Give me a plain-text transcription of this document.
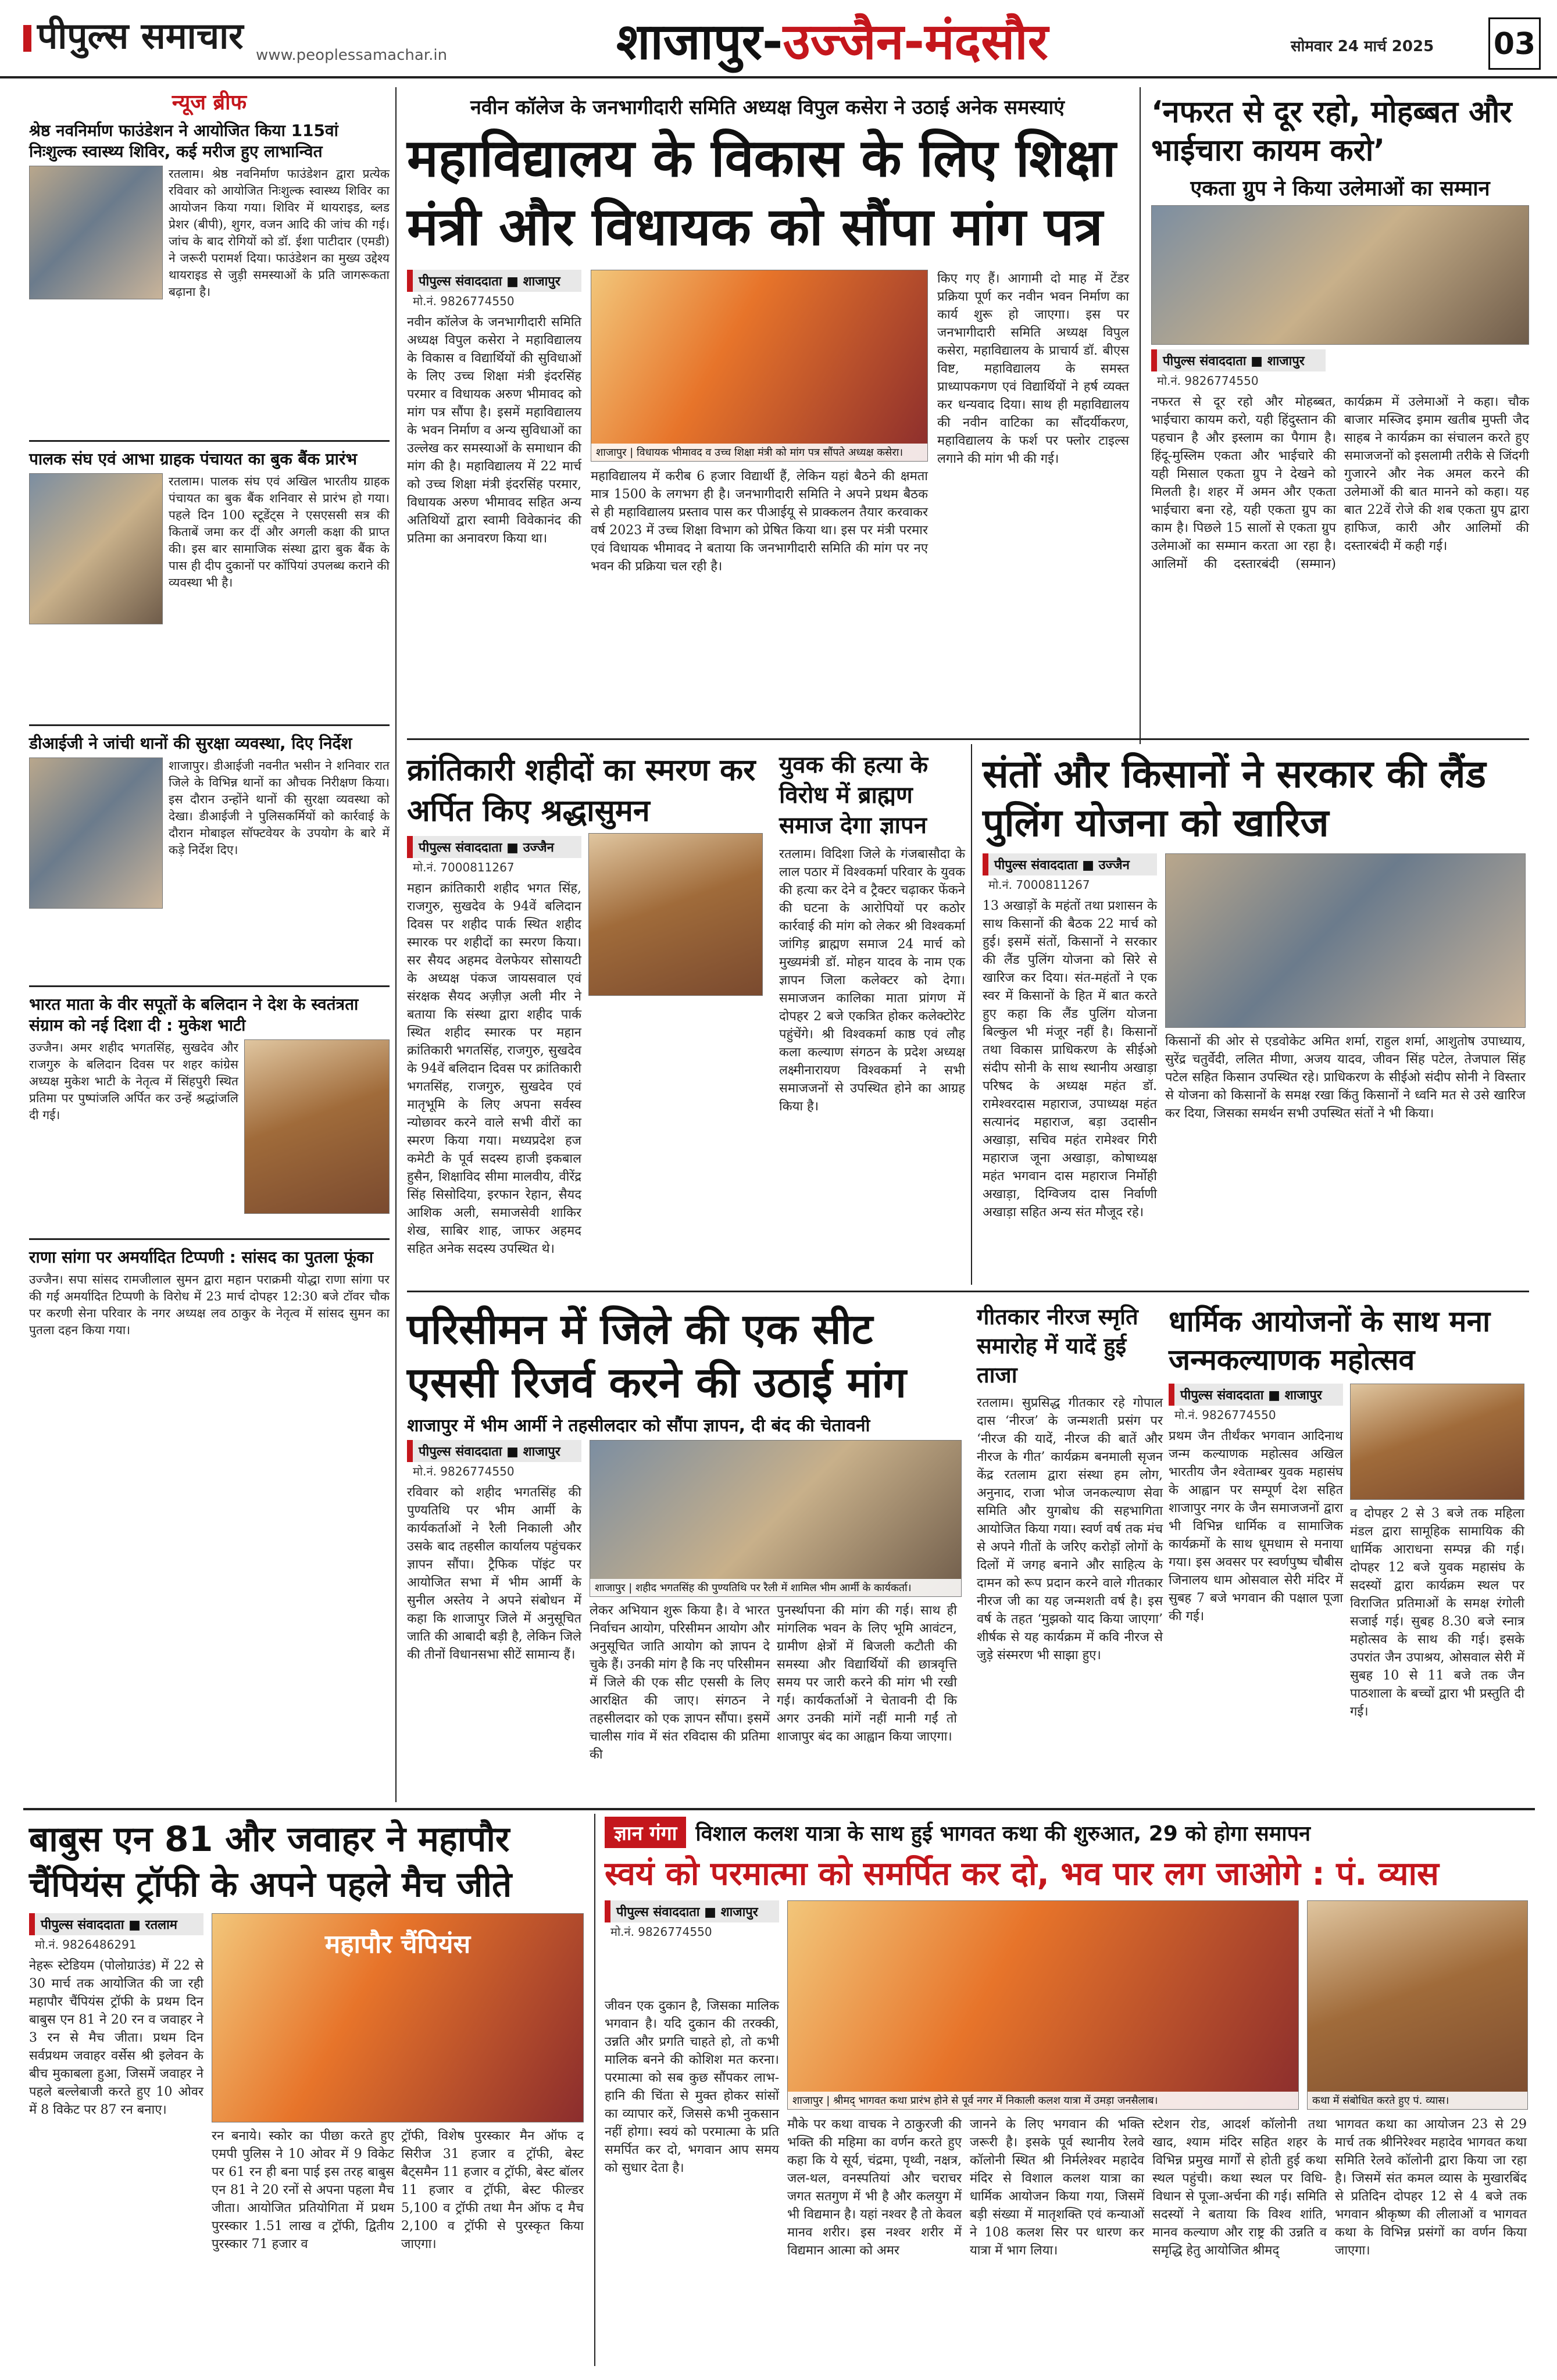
पीपुल्स समाचार www.peoplessamachar.in	शाजापुर-उज्जैन-मंदसौर	सोमवार 24 मार्च 2025 03
न्यूज ब्रीफ
श्रेष्ठ नवनिर्माण फाउंडेशन ने आयोजित किया 115वां निःशुल्क स्वास्थ्य शिविर, कई मरीज हुए लाभान्वित
रतलाम। श्रेष्ठ नवनिर्माण फाउंडेशन द्वारा प्रत्येक रविवार को आयोजित निःशुल्क स्वास्थ्य शिविर का आयोजन किया गया। शिविर में थायराइड, ब्लड प्रेशर (बीपी), शुगर, वजन आदि की जांच की गई। जांच के बाद रोगियों को डॉ. ईशा पाटीदार (एमडी) ने जरूरी परामर्श दिया। फाउंडेशन का मुख्य उद्देश्य थायराइड से जुड़ी समस्याओं के प्रति जागरूकता बढ़ाना है।
पालक संघ एवं आभा ग्राहक पंचायत का बुक बैंक प्रारंभ
रतलाम। पालक संघ एवं अखिल भारतीय ग्राहक पंचायत का बुक बैंक शनिवार से प्रारंभ हो गया। पहले दिन 100 स्टूडेंट्स ने एसएससी सत्र की किताबें जमा कर दीं और अगली कक्षा की प्राप्त की। इस बार सामाजिक संस्था द्वारा बुक बैंक के पास ही दीप दुकानों पर कॉपियां उपलब्ध कराने की व्यवस्था भी है।
डीआईजी ने जांची थानों की सुरक्षा व्यवस्था, दिए निर्देश
शाजापुर। डीआईजी नवनीत भसीन ने शनिवार रात जिले के विभिन्न थानों का औचक निरीक्षण किया। इस दौरान उन्होंने थानों की सुरक्षा व्यवस्था को देखा। डीआईजी ने पुलिसकर्मियों को कार्रवाई के दौरान मोबाइल सॉफ्टवेयर के उपयोग के बारे में कड़े निर्देश दिए।
भारत माता के वीर सपूतों के बलिदान ने देश के स्वतंत्रता संग्राम को नई दिशा दी : मुकेश भाटी
उज्जैन। अमर शहीद भगतसिंह, सुखदेव और राजगुरु के बलिदान दिवस पर शहर कांग्रेस अध्यक्ष मुकेश भाटी के नेतृत्व में सिंहपुरी स्थित प्रतिमा पर पुष्पांजलि अर्पित कर उन्हें श्रद्धांजलि दी गई।
राणा सांगा पर अमर्यादित टिप्पणी : सांसद का पुतला फूंका
उज्जैन। सपा सांसद रामजीलाल सुमन द्वारा महान पराक्रमी योद्धा राणा सांगा पर की गई अमर्यादित टिप्पणी के विरोध में 23 मार्च दोपहर 12:30 बजे टॉवर चौक पर करणी सेना परिवार के नगर अध्यक्ष लव ठाकुर के नेतृत्व में सांसद सुमन का पुतला दहन किया गया।
नवीन कॉलेज के जनभागीदारी समिति अध्यक्ष विपुल कसेरा ने उठाई अनेक समस्याएं
महाविद्यालय के विकास के लिए शिक्षा मंत्री और विधायक को सौंपा मांग पत्र
पीपुल्स संवाददाता ■ शाजापुर
मो.नं. 9826774550
नवीन कॉलेज के जनभागीदारी समिति अध्यक्ष विपुल कसेरा ने महाविद्यालय के विकास व विद्यार्थियों की सुविधाओं के लिए उच्च शिक्षा मंत्री इंदरसिंह परमार व विधायक अरुण भीमावद को मांग पत्र सौंपा है। इसमें महाविद्यालय के भवन निर्माण व अन्य सुविधाओं का उल्लेख कर समस्याओं के समाधान की मांग की है। महाविद्यालय में 22 मार्च को उच्च शिक्षा मंत्री इंदरसिंह परमार, विधायक अरुण भीमावद सहित अन्य अतिथियों द्वारा स्वामी विवेकानंद की प्रतिमा का अनावरण किया था।
शाजापुर | विधायक भीमावद व उच्च शिक्षा मंत्री को मांग पत्र सौंपते अध्यक्ष कसेरा।
महाविद्यालय में करीब 6 हजार विद्यार्थी हैं, लेकिन यहां बैठने की क्षमता मात्र 1500 के लगभग ही है। जनभागीदारी समिति ने अपने प्रथम बैठक से ही महाविद्यालय प्रस्ताव पास कर पीआईयू से प्राक्कलन तैयार करवाकर वर्ष 2023 में उच्च शिक्षा विभाग को प्रेषित किया था। इस पर मंत्री परमार एवं विधायक भीमावद ने बताया कि जनभागीदारी समिति की मांग पर नए भवन की प्रक्रिया चल रही है।
किए गए हैं। आगामी दो माह में टेंडर प्रक्रिया पूर्ण कर नवीन भवन निर्माण का कार्य शुरू हो जाएगा। इस पर जनभागीदारी समिति अध्यक्ष विपुल कसेरा, महाविद्यालय के प्राचार्य डॉ. बीएस विष्ट, महाविद्यालय के समस्त प्राध्यापकगण एवं विद्यार्थियों ने हर्ष व्यक्त कर धन्यवाद दिया। साथ ही महाविद्यालय की नवीन वाटिका का सौंदर्यीकरण, महाविद्यालय के फर्श पर फ्लोर टाइल्स लगाने की मांग भी की गई।
‘नफरत से दूर रहो, मोहब्बत और भाईचारा कायम करो’
एकता ग्रुप ने किया उलेमाओं का सम्मान
पीपुल्स संवाददाता ■ शाजापुर
मो.नं. 9826774550
नफरत से दूर रहो और मोहब्बत, भाईचारा कायम करो, यही हिंदुस्तान की पहचान है और इस्लाम का पैगाम है। हिंदू-मुस्लिम एकता और भाईचारे की यही मिसाल एकता ग्रुप ने देखने को मिलती है। शहर में अमन और एकता भाईचारा बना रहे, यही एकता ग्रुप का काम है। पिछले 15 सालों से एकता ग्रुप उलेमाओं का सम्मान करता आ रहा है। आलिमों की दस्तारबंदी (सम्मान) कार्यक्रम में उलेमाओं ने कहा। चौक बाजार मस्जिद इमाम खतीब मुफ्ती जैद साहब ने कार्यक्रम का संचालन करते हुए समाजजनों को इसलामी तरीके से जिंदगी गुजारने और नेक अमल करने की उलेमाओं की बात मानने को कहा। यह बात 22वें रोजे की शब एकता ग्रुप द्वारा हाफिज, कारी और आलिमों की दस्तारबंदी में कही गई।
क्रांतिकारी शहीदों का स्मरण कर अर्पित किए श्रद्धासुमन
पीपुल्स संवाददाता ■ उज्जैन
मो.नं. 7000811267
महान क्रांतिकारी शहीद भगत सिंह, राजगुरु, सुखदेव के 94वें बलिदान दिवस पर शहीद पार्क स्थित शहीद स्मारक पर शहीदों का स्मरण किया। सर सैयद अहमद वेलफेयर सोसायटी के अध्यक्ष पंकज जायसवाल एवं संरक्षक सैयद अज़ीज़ अली मीर ने बताया कि संस्था द्वारा शहीद पार्क स्थित शहीद स्मारक पर महान क्रांतिकारी भगतसिंह, राजगुरु, सुखदेव के 94वें बलिदान दिवस पर क्रांतिकारी भगतसिंह, राजगुरु, सुखदेव एवं मातृभूमि के लिए अपना सर्वस्व न्योछावर करने वाले सभी वीरों का स्मरण किया गया। मध्यप्रदेश हज कमेटी के पूर्व सदस्य हाजी इकबाल हुसैन, शिक्षाविद सीमा मालवीय, वीरेंद्र सिंह सिसोदिया, इरफान रेहान, सैयद आशिक अली, समाजसेवी शाकिर शेख, साबिर शाह, जाफर अहमद सहित अनेक सदस्य उपस्थित थे।
युवक की हत्या के विरोध में ब्राह्मण समाज देगा ज्ञापन
रतलाम। विदिशा जिले के गंजबासौदा के लाल पठार में विश्वकर्मा परिवार के युवक की हत्या कर देने व ट्रैक्टर चढ़ाकर फेंकने की घटना के आरोपियों पर कठोर कार्रवाई की मांग को लेकर श्री विश्वकर्मा जांगिड़ ब्राह्मण समाज 24 मार्च को मुख्यमंत्री डॉ. मोहन यादव के नाम एक ज्ञापन जिला कलेक्टर को देगा। समाजजन कालिका माता प्रांगण में दोपहर 2 बजे एकत्रित होकर कलेक्टोरेट पहुंचेंगे। श्री विश्वकर्मा काष्ठ एवं लौह कला कल्याण संगठन के प्रदेश अध्यक्ष लक्ष्मीनारायण विश्वकर्मा ने सभी समाजजनों से उपस्थित होने का आग्रह किया है।
संतों और किसानों ने सरकार की लैंड पुलिंग योजना को खारिज
पीपुल्स संवाददाता ■ उज्जैन
मो.नं. 7000811267
13 अखाड़ों के महंतों तथा प्रशासन के साथ किसानों की बैठक 22 मार्च को हुई। इसमें संतों, किसानों ने सरकार की लैंड पुलिंग योजना को सिरे से खारिज कर दिया। संत-महंतों ने एक स्वर में किसानों के हित में बात करते हुए कहा कि लैंड पुलिंग योजना बिल्कुल भी मंजूर नहीं है। किसानों तथा विकास प्राधिकरण के सीईओ संदीप सोनी के साथ स्थानीय अखाड़ा परिषद के अध्यक्ष महंत डॉ. रामेश्वरदास महाराज, उपाध्यक्ष महंत सत्यानंद महाराज, बड़ा उदासीन अखाड़ा, सचिव महंत रामेश्वर गिरी महाराज जूना अखाड़ा, कोषाध्यक्ष महंत भगवान दास महाराज निर्मोही अखाड़ा, दिग्विजय दास निर्वाणी अखाड़ा सहित अन्य संत मौजूद रहे।
किसानों की ओर से एडवोकेट अमित शर्मा, राहुल शर्मा, आशुतोष उपाध्याय, सुरेंद्र चतुर्वेदी, ललित मीणा, अजय यादव, जीवन सिंह पटेल, तेजपाल सिंह पटेल सहित किसान उपस्थित रहे। प्राधिकरण के सीईओ संदीप सोनी ने विस्तार से योजना को किसानों के समक्ष रखा किंतु किसानों ने ध्वनि मत से उसे खारिज कर दिया, जिसका समर्थन सभी उपस्थित संतों ने भी किया।
परिसीमन में जिले की एक सीट एससी रिजर्व करने की उठाई मांग
शाजापुर में भीम आर्मी ने तहसीलदार को सौंपा ज्ञापन, दी बंद की चेतावनी
पीपुल्स संवाददाता ■ शाजापुर
मो.नं. 9826774550
रविवार को शहीद भगतसिंह की पुण्यतिथि पर भीम आर्मी के कार्यकर्ताओं ने रैली निकाली और उसके बाद तहसील कार्यालय पहुंचकर ज्ञापन सौंपा। ट्रैफिक पॉइंट पर आयोजित सभा में भीम आर्मी के सुनील अस्तेय ने अपने संबोधन में कहा कि शाजापुर जिले में अनुसूचित जाति की आबादी बड़ी है, लेकिन जिले की तीनों विधानसभा सीटें सामान्य हैं।
शाजापुर | शहीद भगतसिंह की पुण्यतिथि पर रैली में शामिल भीम आर्मी के कार्यकर्ता।
लेकर अभियान शुरू किया है। वे भारत निर्वाचन आयोग, परिसीमन आयोग और अनुसूचित जाति आयोग को ज्ञापन दे चुके हैं। उनकी मांग है कि नए परिसीमन में जिले की एक सीट एससी के लिए आरक्षित की जाए। संगठन ने तहसीलदार को एक ज्ञापन सौंपा। इसमें चालीस गांव में संत रविदास की प्रतिमा की
पुनर्स्थापना की मांग की गई। साथ ही मांगलिक भवन के लिए भूमि आवंटन, ग्रामीण क्षेत्रों में बिजली कटौती की समस्या और विद्यार्थियों की छात्रवृत्ति समय पर जारी करने की मांग भी रखी गई। कार्यकर्ताओं ने चेतावनी दी कि अगर उनकी मांगें नहीं मानी गईं तो शाजापुर बंद का आह्वान किया जाएगा।
गीतकार नीरज स्मृति समारोह में यादें हुई ताजा
रतलाम। सुप्रसिद्ध गीतकार रहे गोपाल दास ‘नीरज’ के जन्मशती प्रसंग पर ‘नीरज की यादें, नीरज की बातें और नीरज के गीत’ कार्यक्रम बनमाली सृजन केंद्र रतलाम द्वारा संस्था हम लोग, अनुनाद, राजा भोज जनकल्याण सेवा समिति और युगबोध की सहभागिता आयोजित किया गया। स्वर्ण वर्ष तक मंच से अपने गीतों के जरिए करोड़ों लोगों के दिलों में जगह बनाने और साहित्य के दामन को रूप प्रदान करने वाले गीतकार नीरज जी का यह जन्मशती वर्ष है। इस वर्ष के तहत ‘मुझको याद किया जाएगा’ शीर्षक से यह कार्यक्रम में कवि नीरज से जुड़े संस्मरण भी साझा हुए।
धार्मिक आयोजनों के साथ मना जन्मकल्याणक महोत्सव
पीपुल्स संवाददाता ■ शाजापुर
मो.नं. 9826774550
प्रथम जैन तीर्थंकर भगवान आदिनाथ जन्म कल्याणक महोत्सव अखिल भारतीय जैन श्वेताम्बर युवक महासंघ के आह्वान पर सम्पूर्ण देश सहित शाजापुर नगर के जैन समाजजनों द्वारा भी विभिन्न धार्मिक व सामाजिक कार्यक्रमों के साथ धूमधाम से मनाया गया। इस अवसर पर स्वर्णपुष्प चौबीस जिनालय धाम ओसवाल सेरी मंदिर में सुबह 7 बजे भगवान की पक्षाल पूजा की गई।
व दोपहर 2 से 3 बजे तक महिला मंडल द्वारा सामूहिक सामायिक की धार्मिक आराधना सम्पन्न की गई। दोपहर 12 बजे युवक महासंघ के सदस्यों द्वारा कार्यक्रम स्थल पर विराजित प्रतिमाओं के समक्ष रंगोली सजाई गई। सुबह 8.30 बजे स्नात्र महोत्सव के साथ की गई। इसके उपरांत जैन उपाश्रय, ओसवाल सेरी में सुबह 10 से 11 बजे तक जैन पाठशाला के बच्चों द्वारा भी प्रस्तुति दी गई।
बाबुस एन 81 और जवाहर ने महापौर चैंपियंस ट्रॉफी के अपने पहले मैच जीते
पीपुल्स संवाददाता ■ रतलाम
मो.नं. 9826486291
नेहरू स्टेडियम (पोलोग्राउंड) में 22 से 30 मार्च तक आयोजित की जा रही महापौर चैंपियंस ट्रॉफी के प्रथम दिन बाबुस एन 81 ने 20 रन व जवाहर ने 3 रन से मैच जीता। प्रथम दिन सर्वप्रथम जवाहर वर्सेस श्री इलेवन के बीच मुकाबला हुआ, जिसमें जवाहर ने पहले बल्लेबाजी करते हुए 10 ओवर में 8 विकेट पर 87 रन बनाए।
महापौर चैंपियंस
रन बनाये। स्कोर का पीछा करते हुए एमपी पुलिस ने 10 ओवर में 9 विकेट पर 61 रन ही बना पाई इस तरह बाबुस एन 81 ने 20 रनों से अपना पहला मैच जीता। आयोजित प्रतियोगिता में प्रथम पुरस्कार 1.51 लाख व ट्रॉफी, द्वितीय पुरस्कार 71 हजार व
ट्रॉफी, विशेष पुरस्कार मैन ऑफ द सिरीज 31 हजार व ट्रॉफी, बेस्ट बैट्समैन 11 हजार व ट्रॉफी, बेस्ट बॉलर 11 हजार व ट्रॉफी, बेस्ट फील्डर 5,100 व ट्रॉफी तथा मैन ऑफ द मैच 2,100 व ट्रॉफी से पुरस्कृत किया जाएगा।
ज्ञान गंगा विशाल कलश यात्रा के साथ हुई भागवत कथा की शुरुआत, 29 को होगा समापन
स्वयं को परमात्मा को समर्पित कर दो, भव पार लग जाओगे : पं. व्यास
पीपुल्स संवाददाता ■ शाजापुर
मो.नं. 9826774550
शाजापुर | श्रीमद् भागवत कथा प्रारंभ होने से पूर्व नगर में निकाली कलश यात्रा में उमड़ा जनसैलाब।	कथा में संबोधित करते हुए पं. व्यास।
जीवन एक दुकान है, जिसका मालिक भगवान है। यदि दुकान की तरक्की, उन्नति और प्रगति चाहते हो, तो कभी मालिक बनने की कोशिश मत करना। परमात्मा को सब कुछ सौंपकर लाभ-हानि की चिंता से मुक्त होकर सांसों का व्यापार करें, जिससे कभी नुकसान नहीं होगा। स्वयं को परमात्मा के प्रति समर्पित कर दो, भगवान आप समय को सुधार देता है।
मौके पर कथा वाचक ने ठाकुरजी की भक्ति की महिमा का वर्णन करते हुए कहा कि ये सूर्य, चंद्रमा, पृथ्वी, नक्षत्र, जल-थल, वनस्पतियां और चराचर जगत सतगुण में भी है और कलयुग में भी विद्यमान है। यहां नश्वर है तो केवल मानव शरीर। इस नश्वर शरीर में विद्यमान आत्मा को अमर
जानने के लिए भगवान की भक्ति जरूरी है। इसके पूर्व स्थानीय रेलवे कॉलोनी स्थित श्री निर्मलेश्वर महादेव मंदिर से विशाल कलश यात्रा का धार्मिक आयोजन किया गया, जिसमें बड़ी संख्या में मातृशक्ति एवं कन्याओं ने 108 कलश सिर पर धारण कर यात्रा में भाग लिया।
स्टेशन रोड, आदर्श कॉलोनी तथा खाद, श्याम मंदिर सहित शहर के विभिन्न प्रमुख मार्गों से होती हुई कथा स्थल पहुंची। कथा स्थल पर विधि-विधान से पूजा-अर्चना की गई। समिति सदस्यों ने बताया कि विश्व शांति, मानव कल्याण और राष्ट्र की उन्नति व समृद्धि हेतु आयोजित श्रीमद्
भागवत कथा का आयोजन 23 से 29 मार्च तक श्रीनिरेश्वर महादेव भागवत कथा समिति रेलवे कॉलोनी द्वारा किया जा रहा है। जिसमें संत कमल व्यास के मुखारबिंद से प्रतिदिन दोपहर 12 से 4 बजे तक भगवान श्रीकृष्ण की लीलाओं व भागवत कथा के विभिन्न प्रसंगों का वर्णन किया जाएगा।
